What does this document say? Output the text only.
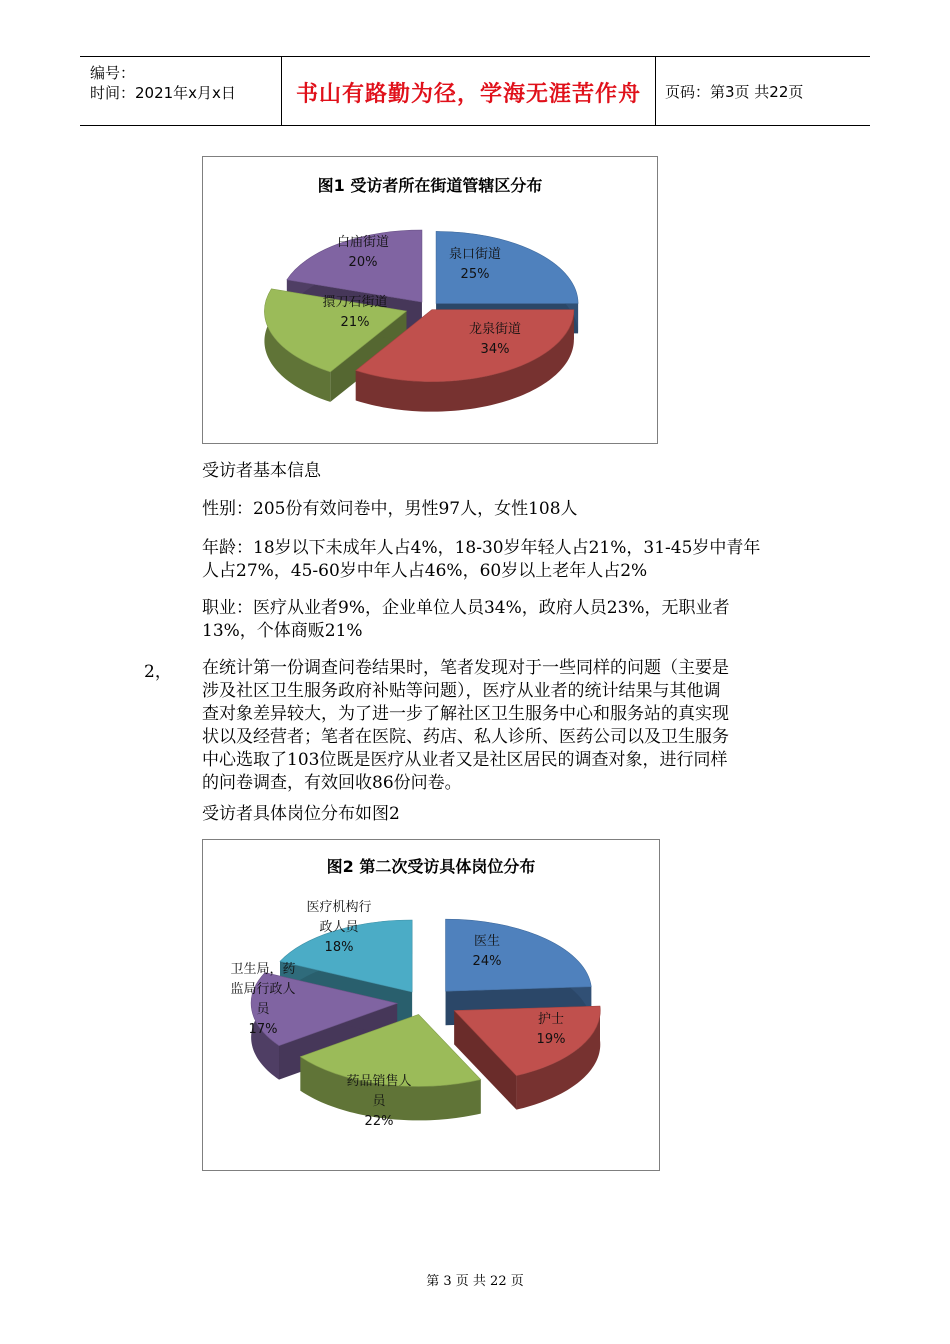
编号：
时间：2021年x月x日	书山有路勤为径，学海无涯苦作舟	页码：第3页 共22页
图1 受访者所在街道管辖区分布
泉口街道
25%
龙泉街道
34%
擐刀石街道
21%
白庙街道
20%
受访者基本信息
性别：205份有效问卷中，男性97人，女性108人
年龄：18岁以下未成年人占4%，18-30岁年轻人占21%，31-45岁中青年
人占27%，45-60岁中年人占46%，60岁以上老年人占2%
职业：医疗从业者9%，企业单位人员34%，政府人员23%，无职业者
13%，个体商贩21%
2， 在统计第一份调查问卷结果时，笔者发现对于一些同样的问题（主要是
涉及社区卫生服务政府补贴等问题），医疗从业者的统计结果与其他调
查对象差异较大，为了进一步了解社区卫生服务中心和服务站的真实现
状以及经营者；笔者在医院、药店、私人诊所、医药公司以及卫生服务
中心选取了103位既是医疗从业者又是社区居民的调查对象，进行同样
的问卷调查，有效回收86份问卷。
受访者具体岗位分布如图2
图2 第二次受访具体岗位分布
医生
24%
护士
19%
药品销售人
员
22%
卫生局，药
监局行政人
员
17%
医疗机构行
政人员
18%
第 3 页 共 22 页
